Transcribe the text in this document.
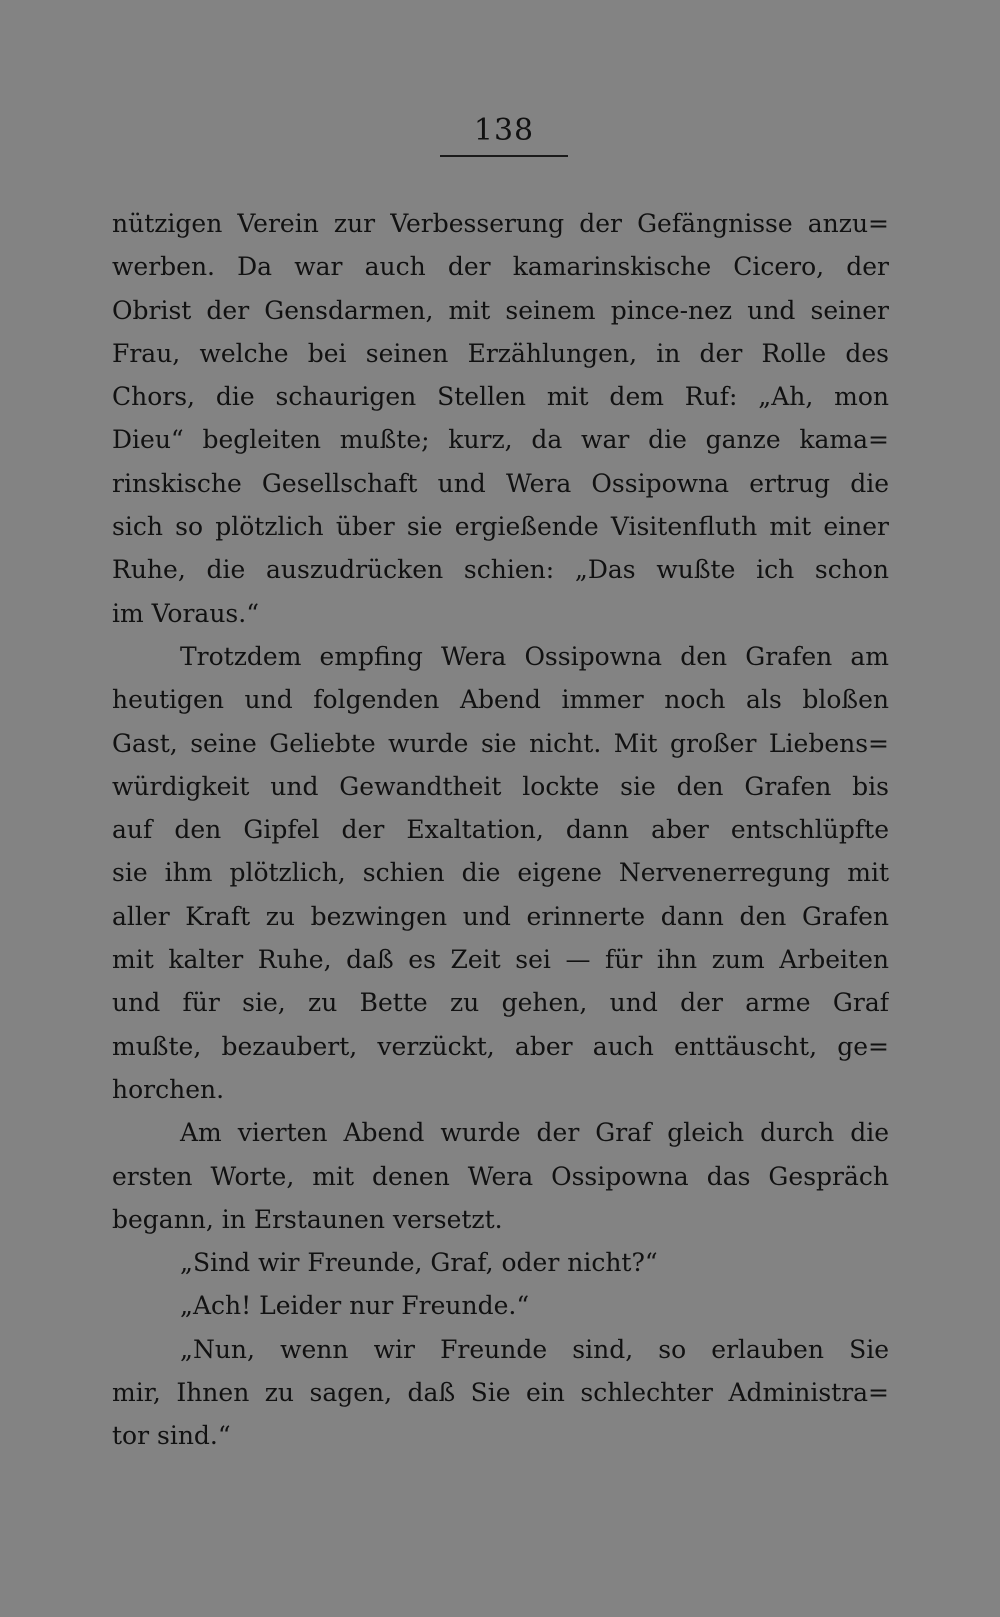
138
nützigen Verein zur Verbesserung der Gefängnisse anzu=
werben. Da war auch der kamarinskische Cicero, der
Obrist der Gensdarmen, mit seinem pince-nez und seiner
Frau, welche bei seinen Erzählungen, in der Rolle des
Chors, die schaurigen Stellen mit dem Ruf: „Ah, mon
Dieu“ begleiten mußte; kurz, da war die ganze kama=
rinskische Gesellschaft und Wera Ossipowna ertrug die
sich so plötzlich über sie ergießende Visitenfluth mit einer
Ruhe, die auszudrücken schien: „Das wußte ich schon
im Voraus.“
Trotzdem empfing Wera Ossipowna den Grafen am
heutigen und folgenden Abend immer noch als bloßen
Gast, seine Geliebte wurde sie nicht. Mit großer Liebens=
würdigkeit und Gewandtheit lockte sie den Grafen bis
auf den Gipfel der Exaltation, dann aber entschlüpfte
sie ihm plötzlich, schien die eigene Nervenerregung mit
aller Kraft zu bezwingen und erinnerte dann den Grafen
mit kalter Ruhe, daß es Zeit sei — für ihn zum Arbeiten
und für sie, zu Bette zu gehen, und der arme Graf
mußte, bezaubert, verzückt, aber auch enttäuscht, ge=
horchen.
Am vierten Abend wurde der Graf gleich durch die
ersten Worte, mit denen Wera Ossipowna das Gespräch
begann, in Erstaunen versetzt.
„Sind wir Freunde, Graf, oder nicht?“
„Ach! Leider nur Freunde.“
„Nun, wenn wir Freunde sind, so erlauben Sie
mir, Ihnen zu sagen, daß Sie ein schlechter Administra=
tor sind.“
